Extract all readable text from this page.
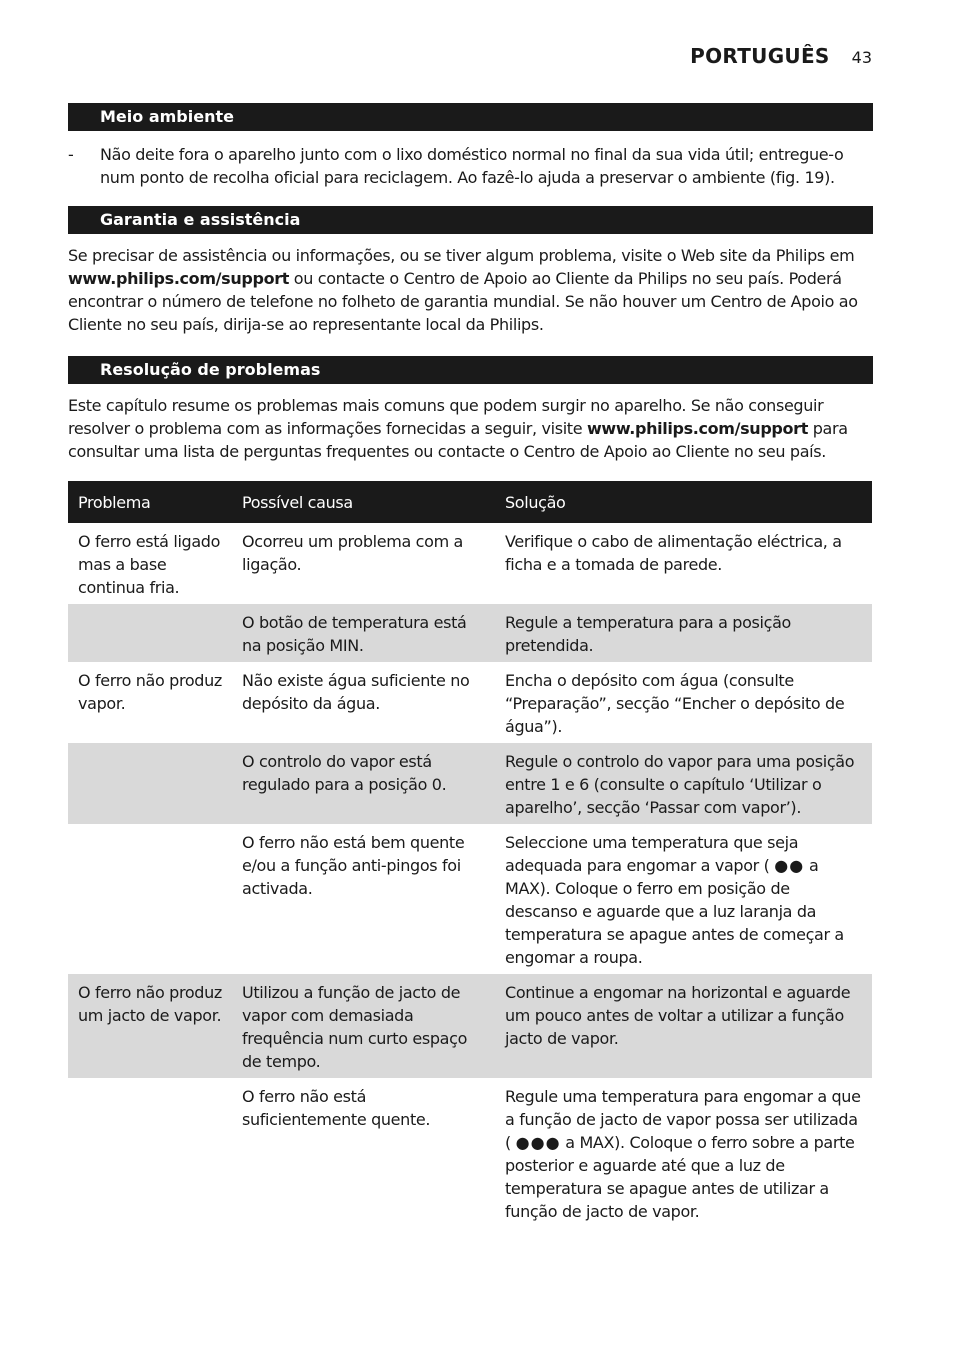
PORTUGUÊS 43
Meio ambiente
-	Não deite fora o aparelho junto com o lixo doméstico normal no final da sua vida útil; entregue-o num ponto de recolha oficial para reciclagem. Ao fazê-lo ajuda a preservar o ambiente (fig. 19).
Garantia e assistência

Se precisar de assistência ou informações, ou se tiver algum problema, visite o Web site da Philips em www.philips.com/support ou contacte o Centro de Apoio ao Cliente da Philips no seu país. Poderá encontrar o número de telefone no folheto de garantia mundial. Se não houver um Centro de Apoio ao Cliente no seu país, dirija-se ao representante local da Philips.

Resolução de problemas

Este capítulo resume os problemas mais comuns que podem surgir no aparelho. Se não conseguir resolver o problema com as informações fornecidas a seguir, visite www.philips.com/support para consultar uma lista de perguntas frequentes ou contacte o Centro de Apoio ao Cliente no seu país.

Problema	Possível causa	Solução
O ferro está ligado mas a base continua fria.	Ocorreu um problema com a ligação.	Verifique o cabo de alimentação eléctrica, a ficha e a tomada de parede.
	O botão de temperatura está na posição MIN.	Regule a temperatura para a posição pretendida.
O ferro não produz vapor.	Não existe água suficiente no depósito da água.	Encha o depósito com água (consulte “Preparação”, secção “Encher o depósito de água”).
	O controlo do vapor está regulado para a posição 0.	Regule o controlo do vapor para uma posição entre 1 e 6 (consulte o capítulo ‘Utilizar o aparelho’, secção ‘Passar com vapor’).
	O ferro não está bem quente e/ou a função anti-pingos foi activada.	Seleccione uma temperatura que seja adequada para engomar a vapor ( ●● a MAX). Coloque o ferro em posição de descanso e aguarde que a luz laranja da temperatura se apague antes de começar a engomar a roupa.
O ferro não produz um jacto de vapor.	Utilizou a função de jacto de vapor com demasiada frequência num curto espaço de tempo.	Continue a engomar na horizontal e aguarde um pouco antes de voltar a utilizar a função jacto de vapor.
	O ferro não está suficientemente quente.	Regule uma temperatura para engomar a que a função de jacto de vapor possa ser utilizada ( ●●● a MAX). Coloque o ferro sobre a parte posterior e aguarde até que a luz de temperatura se apague antes de utilizar a função de jacto de vapor.
